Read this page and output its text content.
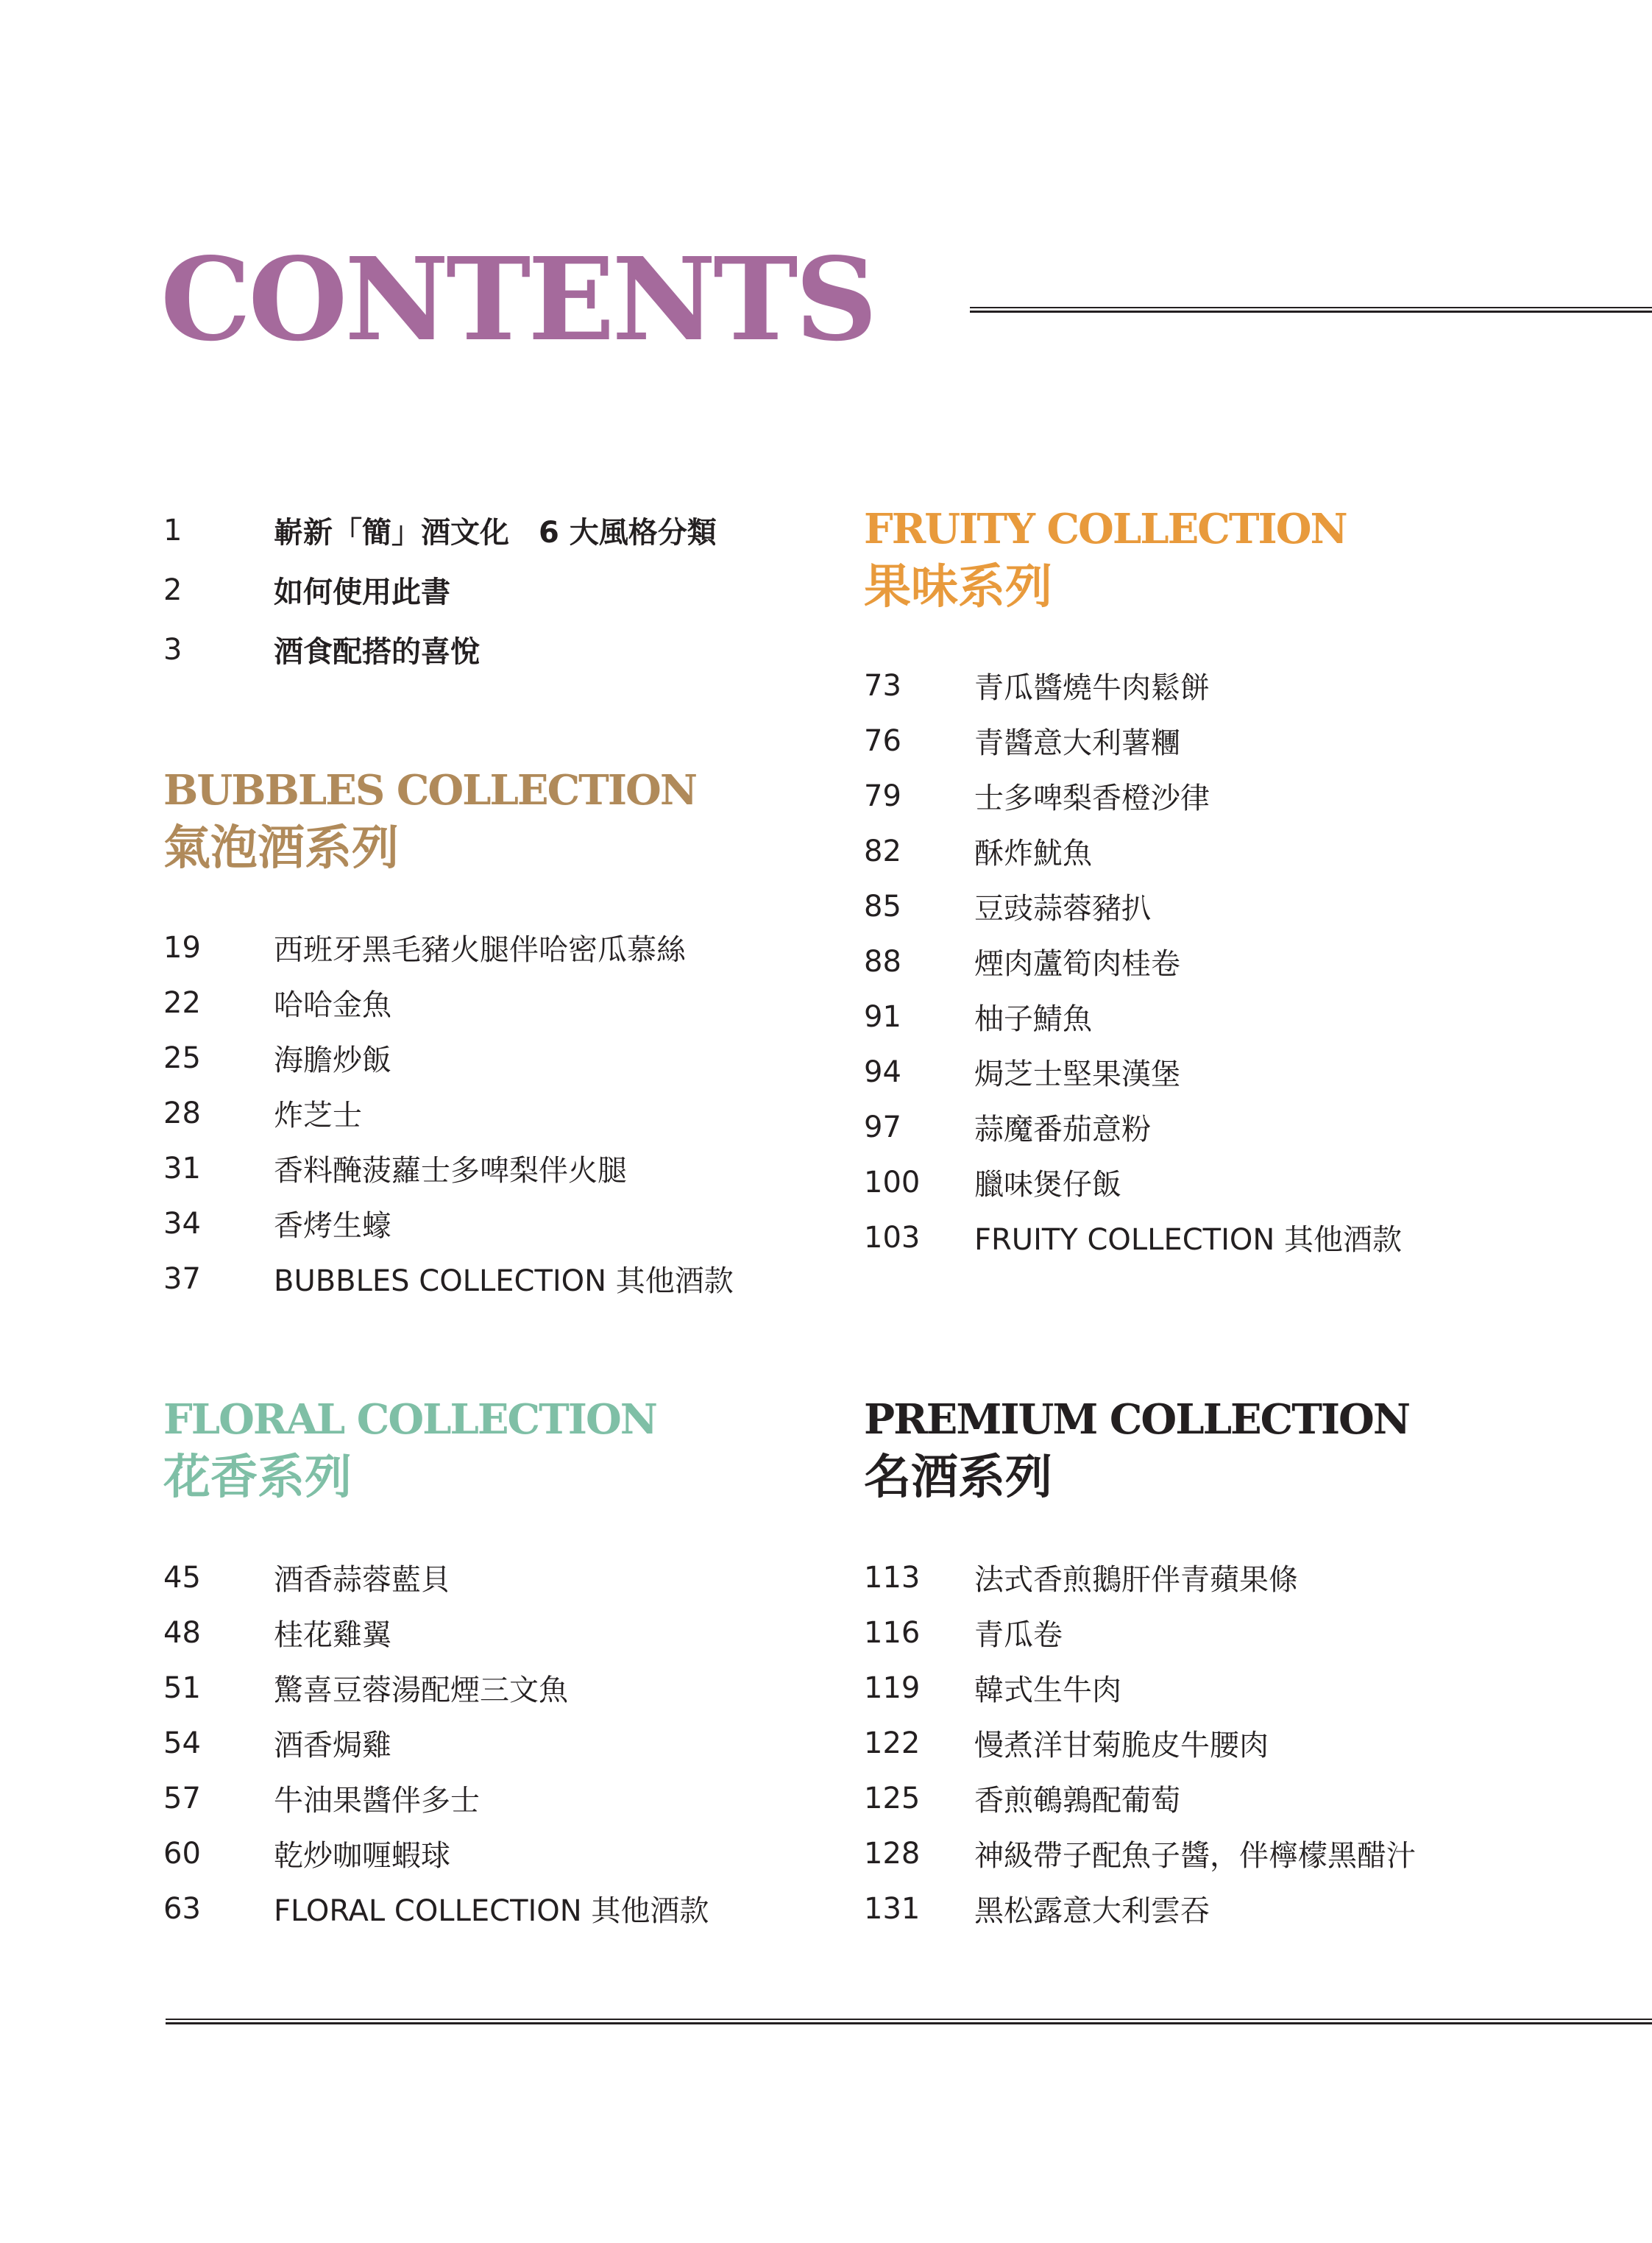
CONTENTS
1	嶄新「簡」酒文化　6 大風格分類
2	如何使用此書
3	酒食配搭的喜悅
BUBBLES COLLECTION
氣泡酒系列
19	西班牙黑毛豬火腿伴哈密瓜慕絲
22	哈哈金魚
25	海膽炒飯
28	炸芝士
31	香料醃菠蘿士多啤梨伴火腿
34	香烤生蠔
37	BUBBLES COLLECTION 其他酒款
FRUITY COLLECTION
果味系列
73	青瓜醬燒牛肉鬆餅
76	青醬意大利薯糰
79	士多啤梨香橙沙律
82	酥炸魷魚
85	豆豉蒜蓉豬扒
88	煙肉蘆筍肉桂卷
91	柚子鯖魚
94	焗芝士堅果漢堡
97	蒜魔番茄意粉
100	臘味煲仔飯
103	FRUITY COLLECTION 其他酒款
FLORAL COLLECTION
花香系列
45	酒香蒜蓉藍貝
48	桂花雞翼
51	驚喜豆蓉湯配煙三文魚
54	酒香焗雞
57	牛油果醬伴多士
60	乾炒咖喱蝦球
63	FLORAL COLLECTION 其他酒款
PREMIUM COLLECTION
名酒系列
113	法式香煎鵝肝伴青蘋果條
116	青瓜卷
119	韓式生牛肉
122	慢煮洋甘菊脆皮牛腰肉
125	香煎鵪鶉配葡萄
128	神級帶子配魚子醬，伴檸檬黑醋汁
131	黑松露意大利雲吞
